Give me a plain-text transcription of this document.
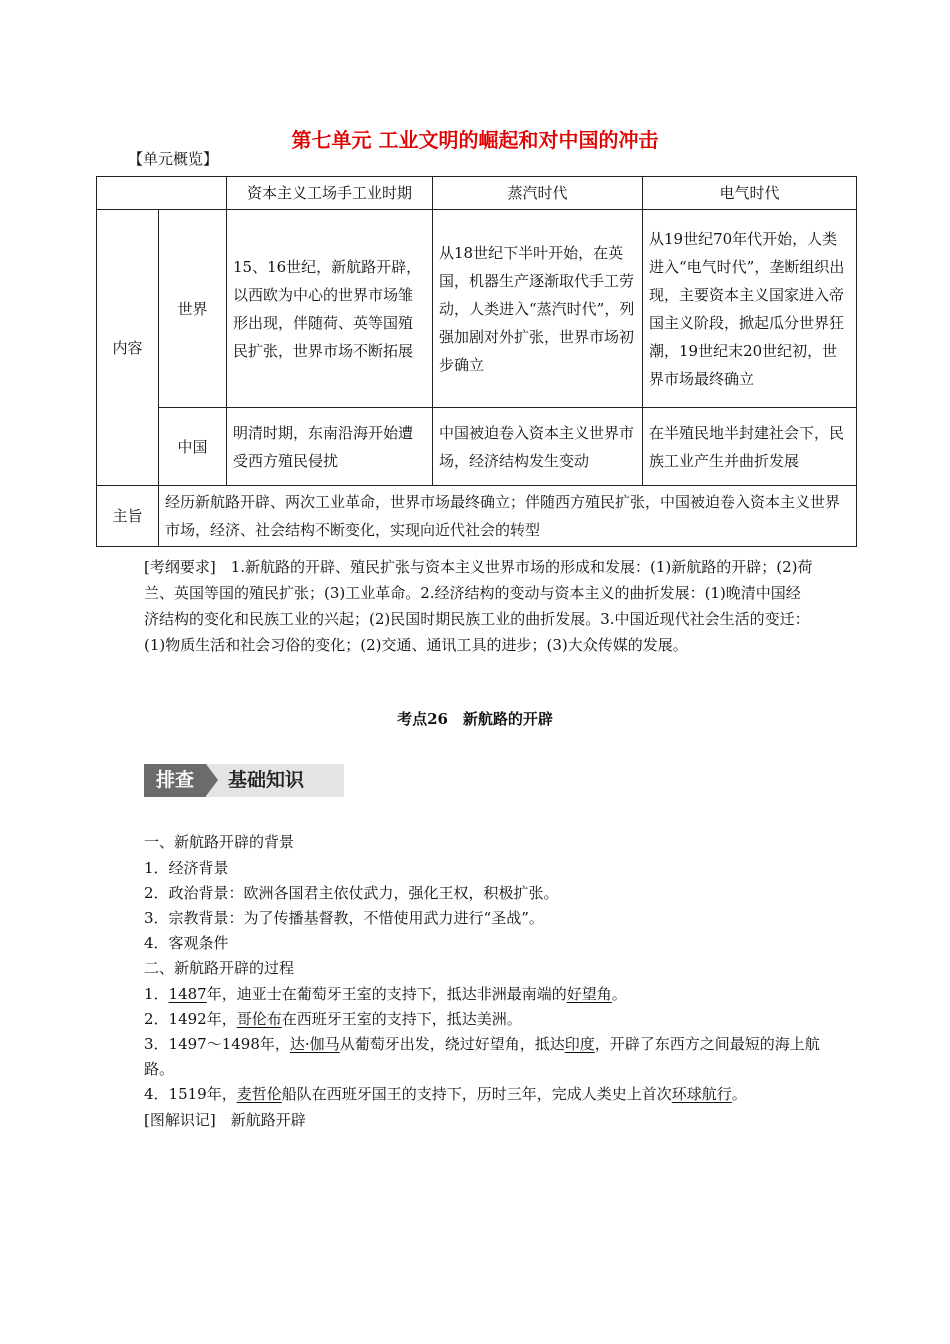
第七单元 工业文明的崛起和对中国的冲击
【单元概览】
		资本主义工场手工业时期	蒸汽时代	电气时代
内容	世界	15、16世纪，新航路开辟，以西欧为中心的世界市场雏形出现，伴随荷、英等国殖民扩张，世界市场不断拓展	从18世纪下半叶开始，在英国，机器生产逐渐取代手工劳动，人类进入“蒸汽时代”，列强加剧对外扩张，世界市场初步确立	从19世纪70年代开始，人类进入“电气时代”，垄断组织出现，主要资本主义国家进入帝国主义阶段，掀起瓜分世界狂潮，19世纪末20世纪初，世界市场最终确立
	中国	明清时期，东南沿海开始遭受西方殖民侵扰	中国被迫卷入资本主义世界市场，经济结构发生变动	在半殖民地半封建社会下，民族工业产生并曲折发展
主旨	经历新航路开辟、两次工业革命，世界市场最终确立；伴随西方殖民扩张，中国被迫卷入资本主义世界市场，经济、社会结构不断变化，实现向近代社会的转型			
[考纲要求]　1.新航路的开辟、殖民扩张与资本主义世界市场的形成和发展：(1)新航路的开辟；(2)荷兰、英国等国的殖民扩张；(3)工业革命。2.经济结构的变动与资本主义的曲折发展：(1)晚清中国经济结构的变化和民族工业的兴起；(2)民国时期民族工业的曲折发展。3.中国近现代社会生活的变迁：(1)物质生活和社会习俗的变化；(2)交通、通讯工具的进步；(3)大众传媒的发展。
考点26　新航路的开辟
排查	基础知识
一、新航路开辟的背景
1．经济背景
2．政治背景：欧洲各国君主依仗武力，强化王权，积极扩张。
3．宗教背景：为了传播基督教，不惜使用武力进行“圣战”。
4．客观条件
二、新航路开辟的过程
1．1487年，迪亚士在葡萄牙王室的支持下，抵达非洲最南端的好望角。
2．1492年，哥伦布在西班牙王室的支持下，抵达美洲。
3．1497～1498年，达·伽马从葡萄牙出发，绕过好望角，抵达印度，开辟了东西方之间最短的海上航路。
4．1519年，麦哲伦船队在西班牙国王的支持下，历时三年，完成人类史上首次环球航行。
[图解识记]　新航路开辟
